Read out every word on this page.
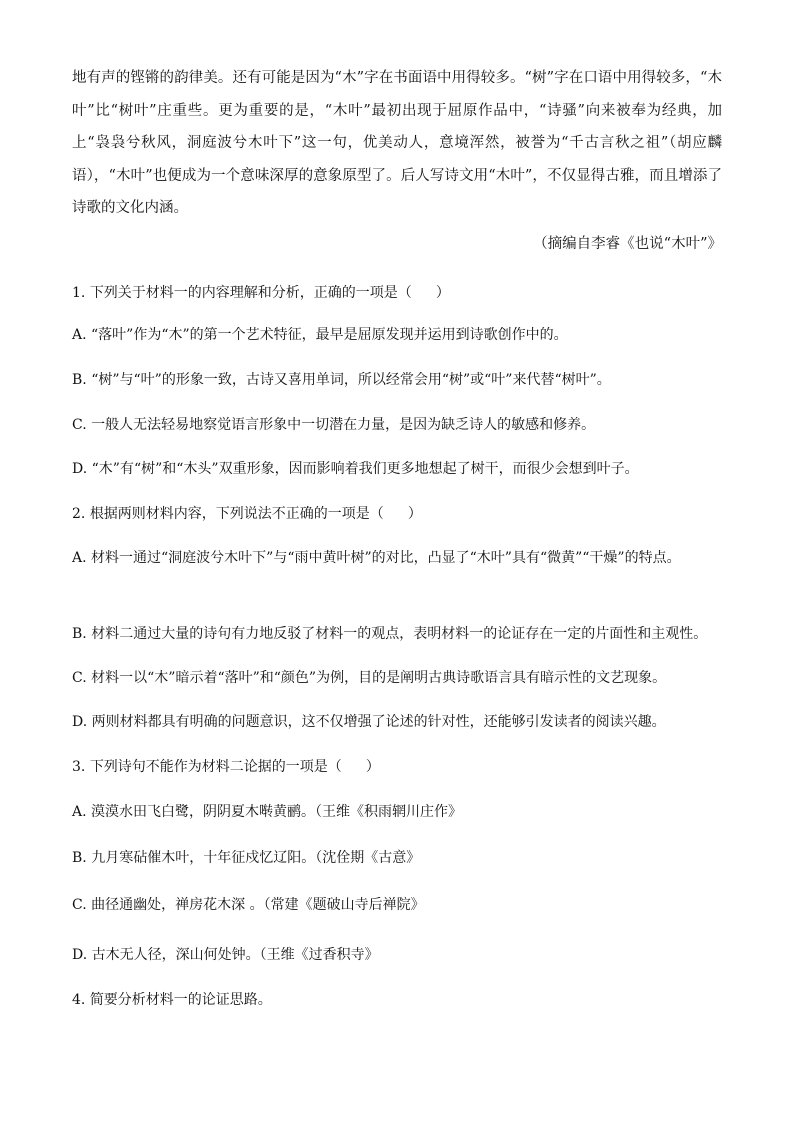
地有声的铿锵的韵律美。还有可能是因为“木”字在书面语中用得较多。“树”字在口语中用得较多，“木叶”比“树叶”庄重些。更为重要的是，“木叶”最初出现于屈原作品中，“诗骚”向来被奉为经典，加上“袅袅兮秋风，洞庭波兮木叶下”这一句，优美动人，意境浑然，被誉为“千古言秋之祖”（胡应麟语），“木叶”也便成为一个意味深厚的意象原型了。后人写诗文用“木叶”，不仅显得古雅，而且增添了诗歌的文化内涵。

（摘编自李睿《也说“木叶”》
1. 下列关于材料一的内容理解和分析，正确的一项是（ ）
A. “落叶”作为“木”的第一个艺术特征，最早是屈原发现并运用到诗歌创作中的。
B. “树”与“叶”的形象一致，古诗又喜用单词，所以经常会用“树”或“叶”来代替“树叶”。
C. 一般人无法轻易地察觉语言形象中一切潜在力量，是因为缺乏诗人的敏感和修养。
D. “木”有“树”和“木头”双重形象，因而影响着我们更多地想起了树干，而很少会想到叶子。
2. 根据两则材料内容，下列说法不正确的一项是（ ）

A. 材料一通过“洞庭波兮木叶下”与“雨中黄叶树”的对比，凸显了“木叶”具有“微黄”“干燥”的特点。

B. 材料二通过大量的诗句有力地反驳了材料一的观点，表明材料一的论证存在一定的片面性和主观性。
C. 材料一以“木”暗示着“落叶”和“颜色”为例，目的是阐明古典诗歌语言具有暗示性的文艺现象。
D. 两则材料都具有明确的问题意识，这不仅增强了论述的针对性，还能够引发读者的阅读兴趣。
3. 下列诗句不能作为材料二论据的一项是（ ）
A. 漠漠水田飞白鹭，阴阴夏木啭黄鹂。（王维《积雨辋川庄作》
B. 九月寒砧催木叶，十年征戍忆辽阳。（沈佺期《古意》
C. 曲径通幽处，禅房花木深 。（常建《题破山寺后禅院》
D. 古木无人径，深山何处钟。（王维《过香积寺》
4. 简要分析材料一的论证思路。
